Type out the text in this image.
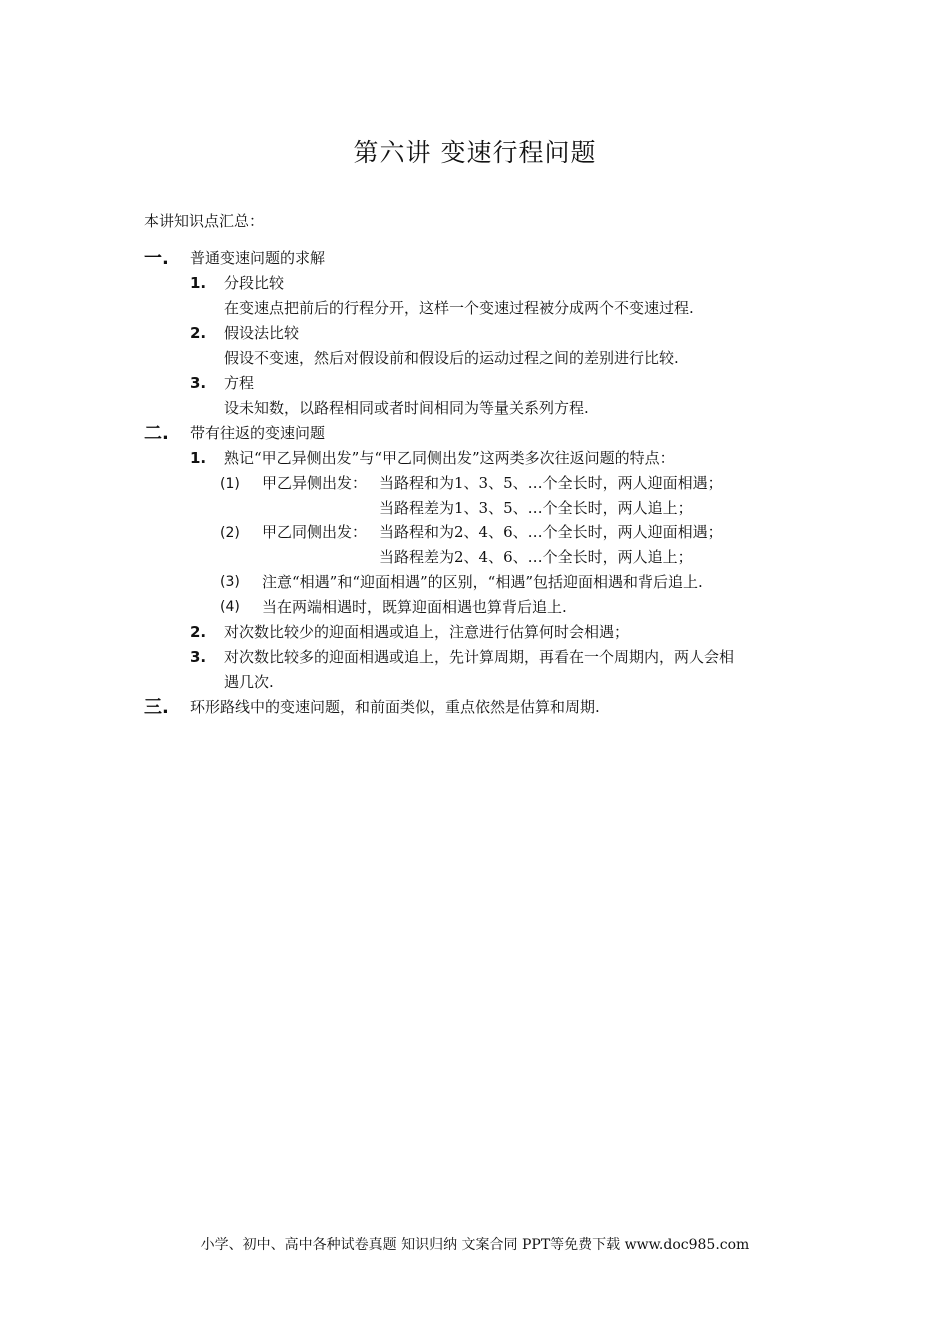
第六讲 变速行程问题
本讲知识点汇总：
一. 普通变速问题的求解
1. 分段比较
在变速点把前后的行程分开，这样一个变速过程被分成两个不变速过程.
2. 假设法比较
假设不变速，然后对假设前和假设后的运动过程之间的差别进行比较.
3. 方程
设未知数，以路程相同或者时间相同为等量关系列方程.
二. 带有往返的变速问题
1. 熟记“甲乙异侧出发”与“甲乙同侧出发”这两类多次往返问题的特点：
(1) 甲乙异侧出发： 当路程和为1、3、5、…个全长时，两人迎面相遇；
当路程差为1、3、5、…个全长时，两人追上；
(2) 甲乙同侧出发： 当路程和为2、4、6、…个全长时，两人迎面相遇；
当路程差为2、4、6、…个全长时，两人追上；
(3) 注意“相遇”和“迎面相遇”的区别，“相遇”包括迎面相遇和背后追上.
(4) 当在两端相遇时，既算迎面相遇也算背后追上.
2. 对次数比较少的迎面相遇或追上，注意进行估算何时会相遇；
3. 对次数比较多的迎面相遇或追上，先计算周期，再看在一个周期内，两人会相
遇几次.
三. 环形路线中的变速问题，和前面类似，重点依然是估算和周期.
小学、初中、高中各种试卷真题 知识归纳 文案合同 PPT等免费下载 www.doc985.com
